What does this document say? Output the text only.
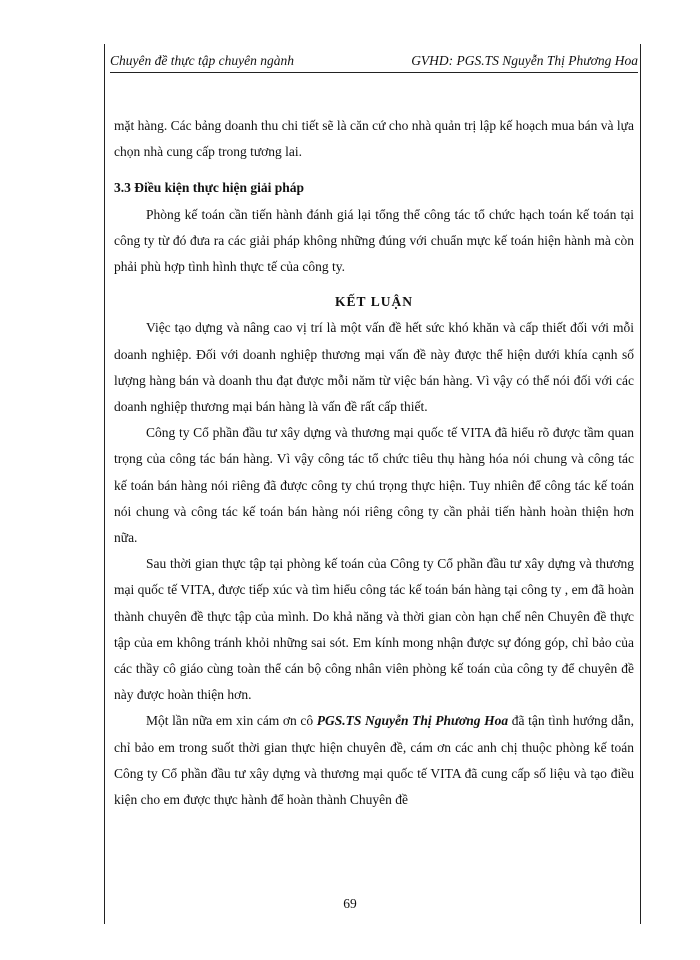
Chuyên đề thực tập chuyên ngành	GVHD: PGS.TS Nguyễn Thị Phương Hoa

mặt hàng. Các bảng doanh thu chi tiết sẽ là căn cứ cho nhà quản trị lập kế hoạch mua bán và lựa chọn nhà cung cấp trong tương lai.

3.3 Điều kiện thực hiện giải pháp

Phòng kế toán cần tiến hành đánh giá lại tổng thể công tác tổ chức hạch toán kế toán tại công ty từ đó đưa ra các giải pháp không những đúng với chuẩn mực kế toán hiện hành mà còn phải phù hợp tình hình thực tế của công ty.

KẾT LUẬN

Việc tạo dựng và nâng cao vị trí là một vấn đề hết sức khó khăn và cấp thiết đối với mỗi doanh nghiệp. Đối với doanh nghiệp thương mại vấn đề này được thể hiện dưới khía cạnh số lượng hàng bán và doanh thu đạt được mỗi năm từ việc bán hàng. Vì vậy có thể nói đối với các doanh nghiệp thương mại bán hàng là vấn đề rất cấp thiết.

Công ty Cổ phần đầu tư xây dựng và thương mại quốc tế VITA đã hiểu rõ được tầm quan trọng của công tác bán hàng. Vì vậy công tác tổ chức tiêu thụ hàng hóa nói chung và công tác kế toán bán hàng nói riêng đã được công ty chú trọng thực hiện. Tuy nhiên để công tác kế toán nói chung và công tác kế toán bán hàng nói riêng công ty cần phải tiến hành hoàn thiện hơn nữa.

Sau thời gian thực tập tại phòng kế toán của Công ty Cổ phần đầu tư xây dựng và thương mại quốc tế VITA, được tiếp xúc và tìm hiểu công tác kế toán bán hàng tại công ty , em đã hoàn thành chuyên đề thực tập của mình. Do khả năng và thời gian còn hạn chế nên Chuyên đề thực tập của em không tránh khỏi những sai sót. Em kính mong nhận được sự đóng góp, chỉ bảo của các thầy cô giáo cùng toàn thể cán bộ công nhân viên phòng kế toán của công ty để chuyên đề này được hoàn thiện hơn.

Một lần nữa em xin cám ơn cô PGS.TS Nguyễn Thị Phương Hoa đã tận tình hướng dẫn, chỉ bảo em trong suốt thời gian thực hiện chuyên đề, cám ơn các anh chị thuộc phòng kế toán Công ty Cổ phần đầu tư xây dựng và thương mại quốc tế VITA đã cung cấp số liệu và tạo điều kiện cho em được thực hành để hoàn thành Chuyên đề

69
